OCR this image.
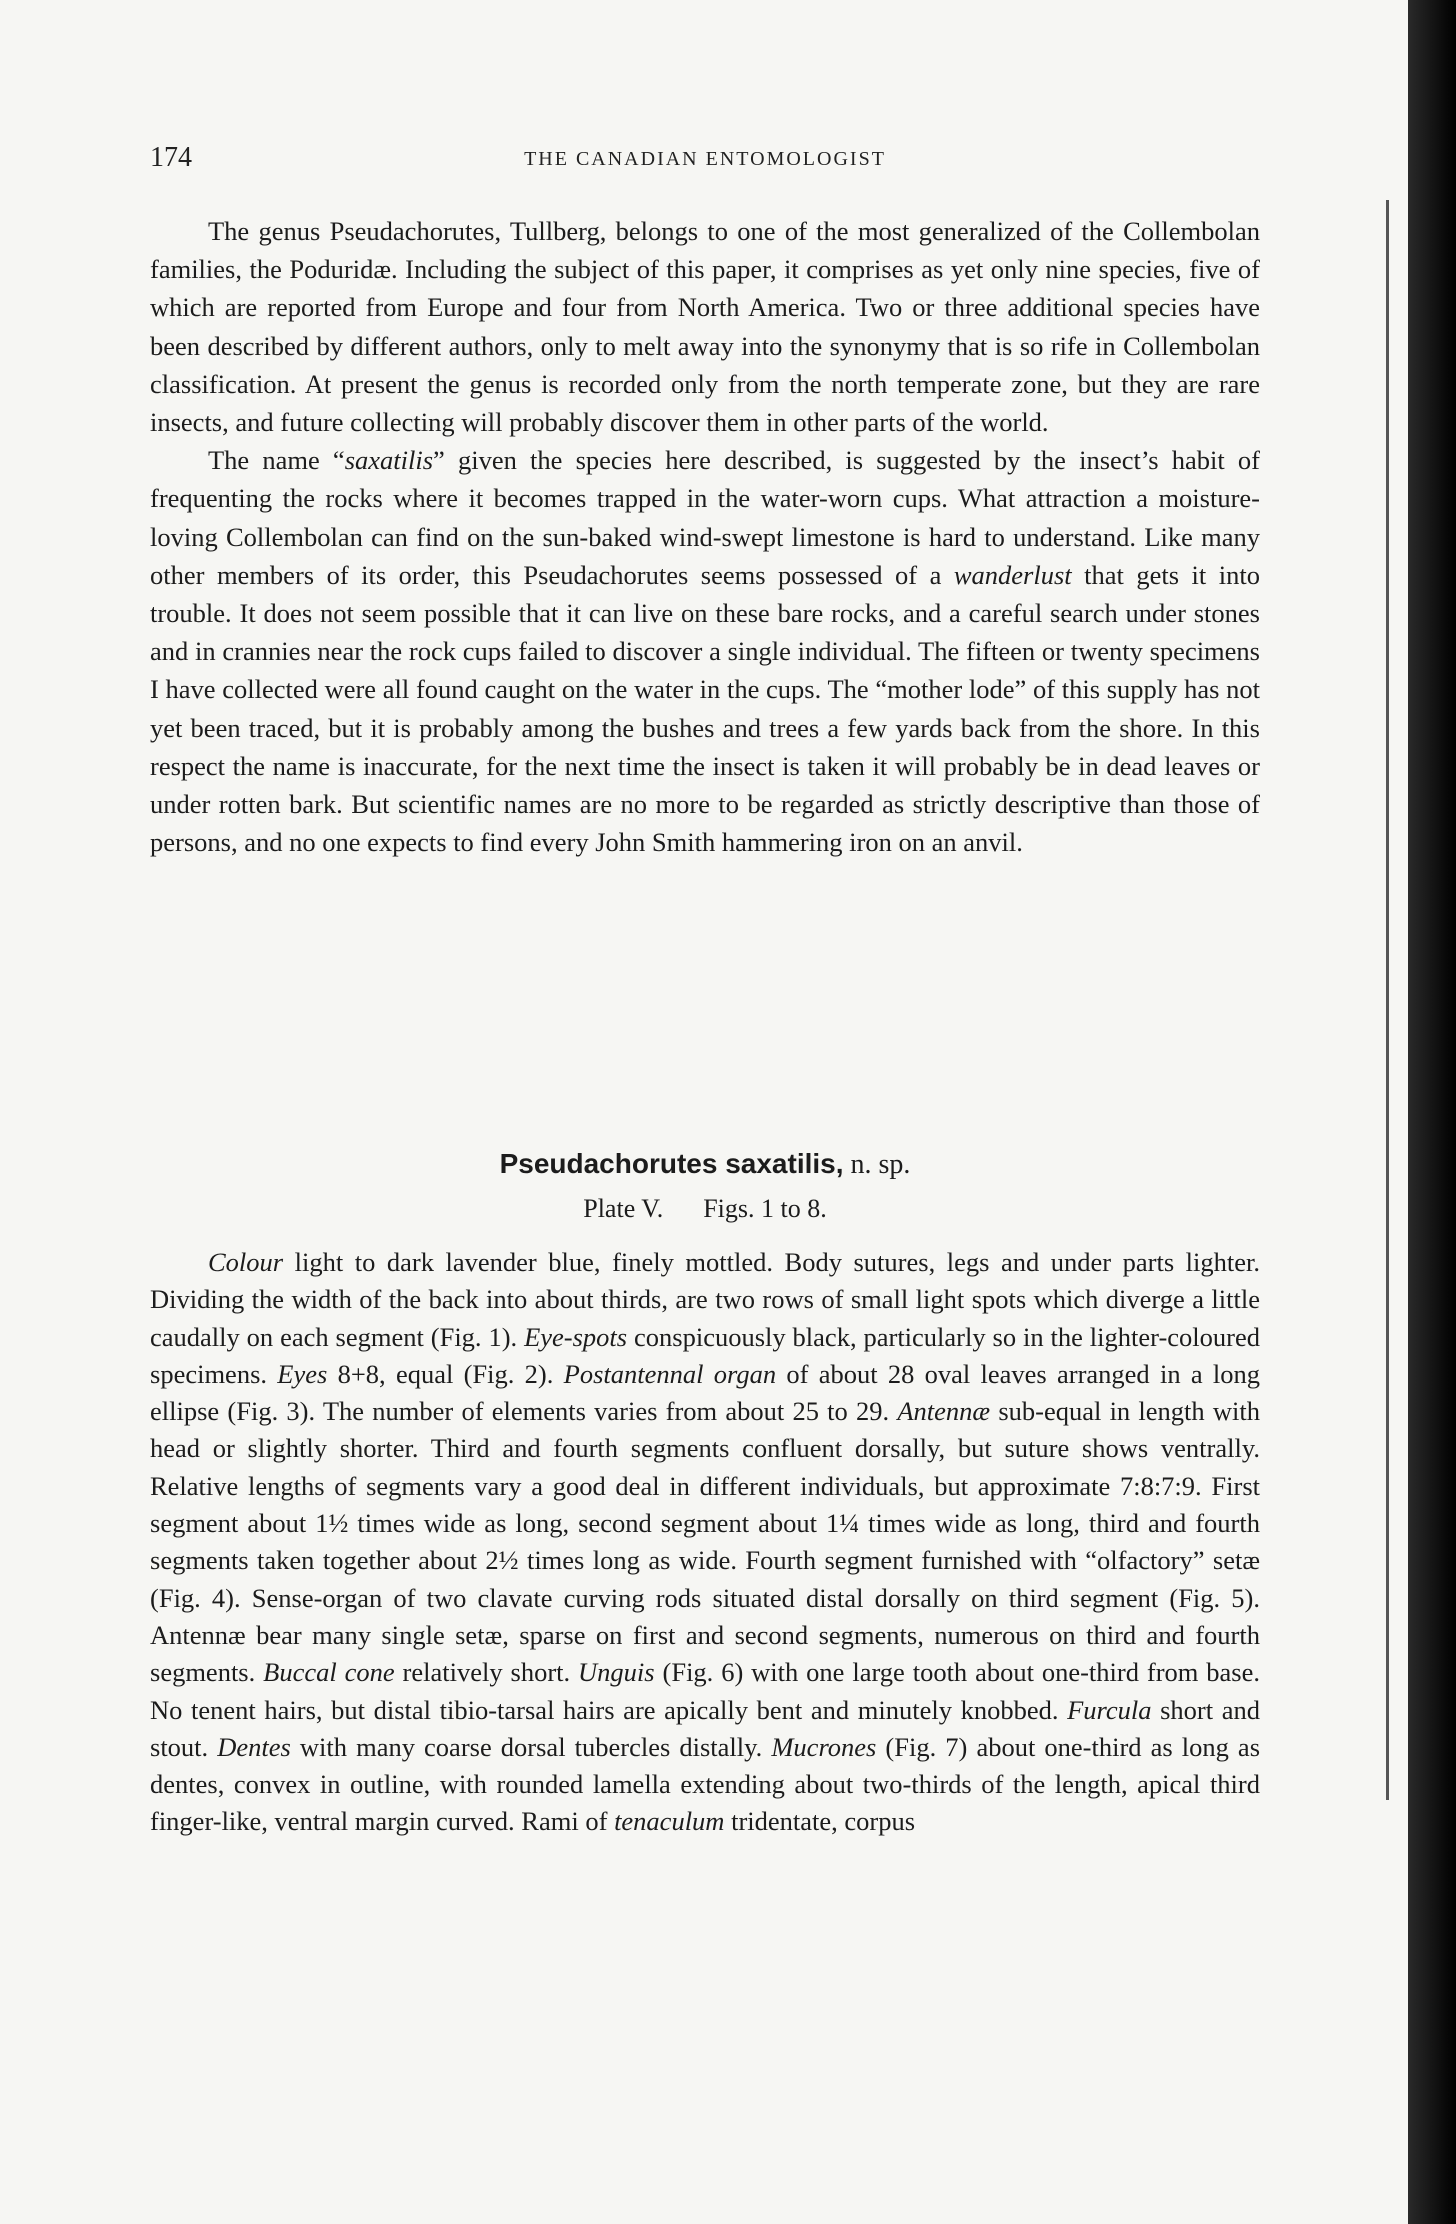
174	THE CANADIAN ENTOMOLOGIST

The genus Pseudachorutes, Tullberg, belongs to one of the most generalized of the Collembolan families, the Poduridæ. Including the subject of this paper, it comprises as yet only nine species, five of which are reported from Europe and four from North America. Two or three additional species have been described by different authors, only to melt away into the synonymy that is so rife in Collembolan classification. At present the genus is recorded only from the north temperate zone, but they are rare insects, and future collecting will probably discover them in other parts of the world.

The name “saxatilis” given the species here described, is suggested by the insect’s habit of frequenting the rocks where it becomes trapped in the water-worn cups. What attraction a moisture-loving Collembolan can find on the sun-baked wind-swept limestone is hard to understand. Like many other members of its order, this Pseudachorutes seems possessed of a wanderlust that gets it into trouble. It does not seem possible that it can live on these bare rocks, and a careful search under stones and in crannies near the rock cups failed to discover a single individual. The fifteen or twenty specimens I have collected were all found caught on the water in the cups. The “mother lode” of this supply has not yet been traced, but it is probably among the bushes and trees a few yards back from the shore. In this respect the name is inaccurate, for the next time the insect is taken it will probably be in dead leaves or under rotten bark. But scientific names are no more to be regarded as strictly descriptive than those of persons, and no one expects to find every John Smith hammering iron on an anvil.

Pseudachorutes saxatilis, n. sp.
Plate V. Figs. 1 to 8.

Colour light to dark lavender blue, finely mottled. Body sutures, legs and under parts lighter. Dividing the width of the back into about thirds, are two rows of small light spots which diverge a little caudally on each segment (Fig. 1). Eye-spots conspicuously black, particularly so in the lighter-coloured specimens. Eyes 8+8, equal (Fig. 2). Postantennal organ of about 28 oval leaves arranged in a long ellipse (Fig. 3). The number of elements varies from about 25 to 29. Antennæ sub-equal in length with head or slightly shorter. Third and fourth segments confluent dorsally, but suture shows ventrally. Relative lengths of segments vary a good deal in different individuals, but approximate 7:8:7:9. First segment about 1½ times wide as long, second segment about 1¼ times wide as long, third and fourth segments taken together about 2½ times long as wide. Fourth segment furnished with “olfactory” setæ (Fig. 4). Sense-organ of two clavate curving rods situated distal dorsally on third segment (Fig. 5). Antennæ bear many single setæ, sparse on first and second segments, numerous on third and fourth segments. Buccal cone relatively short. Unguis (Fig. 6) with one large tooth about one-third from base. No tenent hairs, but distal tibio-tarsal hairs are apically bent and minutely knobbed. Furcula short and stout. Dentes with many coarse dorsal tubercles distally. Mucrones (Fig. 7) about one-third as long as dentes, convex in outline, with rounded lamella extending about two-thirds of the length, apical third finger-like, ventral margin curved. Rami of tenaculum tridentate, corpus
